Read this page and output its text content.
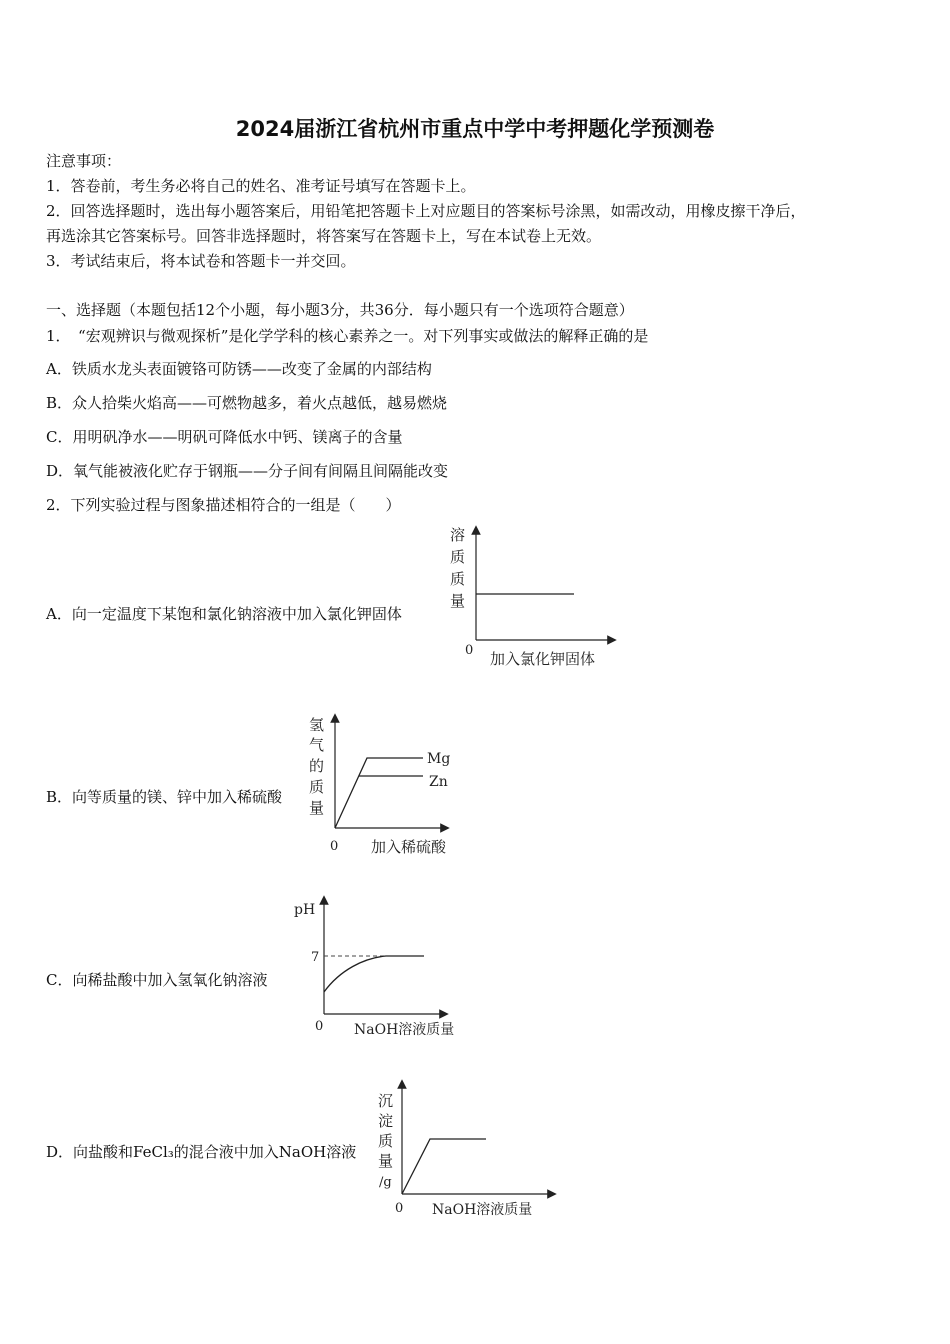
2024届浙江省杭州市重点中学中考押题化学预测卷
注意事项：
1．答卷前，考生务必将自己的姓名、准考证号填写在答题卡上。
2．回答选择题时，选出每小题答案后，用铅笔把答题卡上对应题目的答案标号涂黑，如需改动，用橡皮擦干净后，
再选涂其它答案标号。回答非选择题时，将答案写在答题卡上，写在本试卷上无效。
3．考试结束后，将本试卷和答题卡一并交回。
一、选择题（本题包括12个小题，每小题3分，共36分．每小题只有一个选项符合题意）
1．　“宏观辨识与微观探析”是化学学科的核心素养之一。对下列事实或做法的解释正确的是
A．铁质水龙头表面镀铬可防锈——改变了金属的内部结构
B．众人拾柴火焰高——可燃物越多，着火点越低，越易燃烧
C．用明矾净水——明矾可降低水中钙、镁离子的含量
D．氧气能被液化贮存于钢瓶——分子间有间隔且间隔能改变
2．下列实验过程与图象描述相符合的一组是（　　）
A．向一定温度下某饱和氯化钠溶液中加入氯化钾固体
B．向等质量的镁、锌中加入稀硫酸
C．向稀盐酸中加入氢氧化钠溶液
D．向盐酸和FeCl₃的混合液中加入NaOH溶液
溶
质
质
量
0 加入氯化钾固体
Mg
Zn
氢
气
的
质
量
0 加入稀硫酸
pH
7
0 NaOH溶液质量
沉
淀
质
量
/g
0 NaOH溶液质量
